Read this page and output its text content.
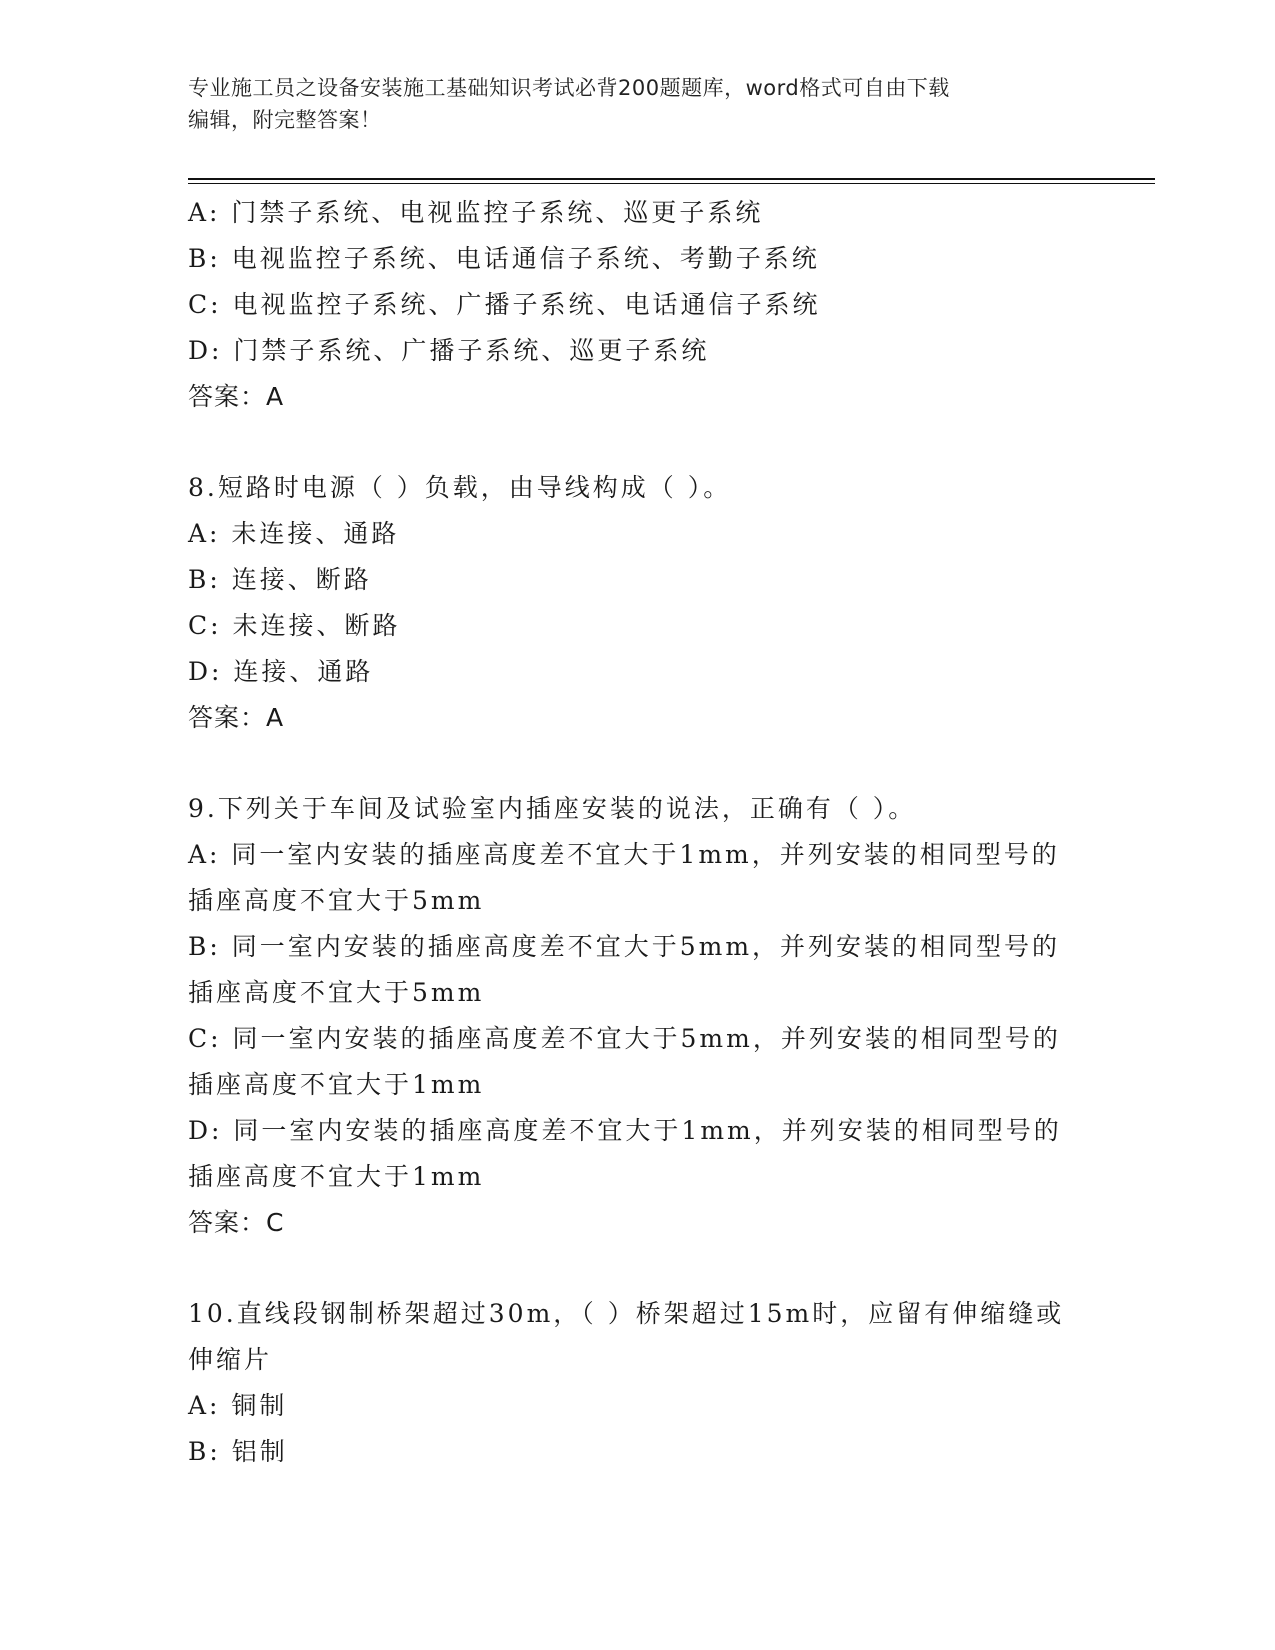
专业施工员之设备安装施工基础知识考试必背200题题库，word格式可自由下载
编辑，附完整答案！
A: 门禁子系统、电视监控子系统、巡更子系统
B: 电视监控子系统、电话通信子系统、考勤子系统
C: 电视监控子系统、广播子系统、电话通信子系统
D: 门禁子系统、广播子系统、巡更子系统
答案：A
8.短路时电源（ ）负载，由导线构成（ ）。
A: 未连接、通路
B: 连接、断路
C: 未连接、断路
D: 连接、通路
答案：A
9.下列关于车间及试验室内插座安装的说法，正确有（ ）。
A: 同一室内安装的插座高度差不宜大于1mm，并列安装的相同型号的
插座高度不宜大于5mm
B: 同一室内安装的插座高度差不宜大于5mm，并列安装的相同型号的
插座高度不宜大于5mm
C: 同一室内安装的插座高度差不宜大于5mm，并列安装的相同型号的
插座高度不宜大于1mm
D: 同一室内安装的插座高度差不宜大于1mm，并列安装的相同型号的
插座高度不宜大于1mm
答案：C
10.直线段钢制桥架超过30m，（ ）桥架超过15m时，应留有伸缩缝或
伸缩片
A: 铜制
B: 铝制
